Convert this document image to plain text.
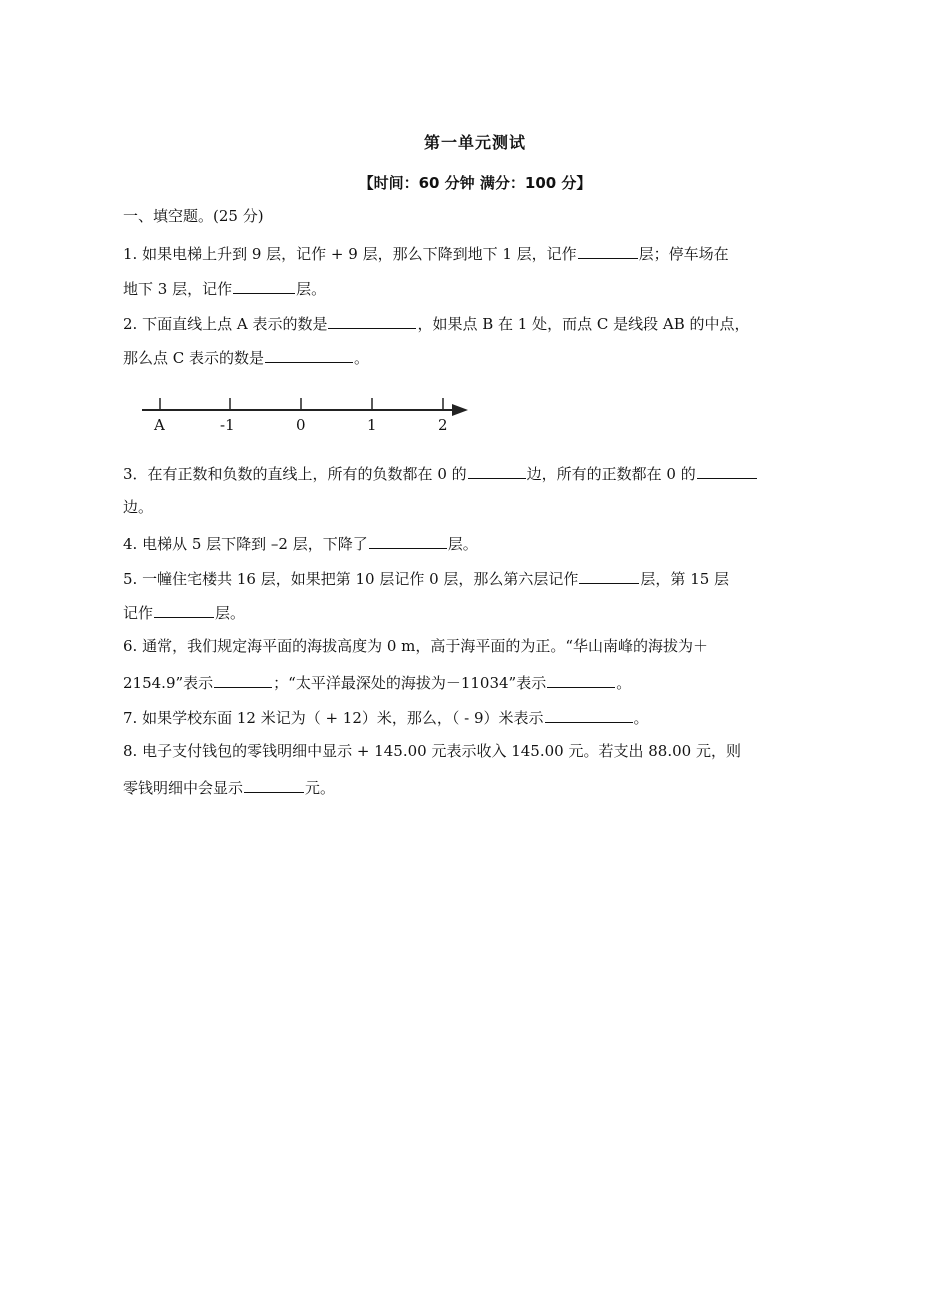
第一单元测试
【时间：60 分钟 满分：100 分】
一、填空题。(25 分)
1. 如果电梯上升到 9 层，记作 + 9 层，那么下降到地下 1 层，记作	层；停车场在
地下 3 层，记作	层。
2. 下面直线上点 A 表示的数是	，如果点 B 在 1 处，而点 C 是线段 AB 的中点，
那么点 C 表示的数是	。
A	-1	0	1	2
3．在有正数和负数的直线上，所有的负数都在 0 的	边，所有的正数都在 0 的
边。
4. 电梯从 5 层下降到 –2 层，下降了	层。
5. 一幢住宅楼共 16 层，如果把第 10 层记作 0 层，那么第六层记作	层，第 15 层
记作	层。
6. 通常，我们规定海平面的海拔高度为 0 m，高于海平面的为正。“华山南峰的海拔为＋
2154.9”表示	；“太平洋最深处的海拔为－11034”表示	。
7. 如果学校东面 12 米记为（ + 12）米，那么，（ - 9）米表示	。
8. 电子支付钱包的零钱明细中显示 + 145.00 元表示收入 145.00 元。若支出 88.00 元，则
零钱明细中会显示	元。
